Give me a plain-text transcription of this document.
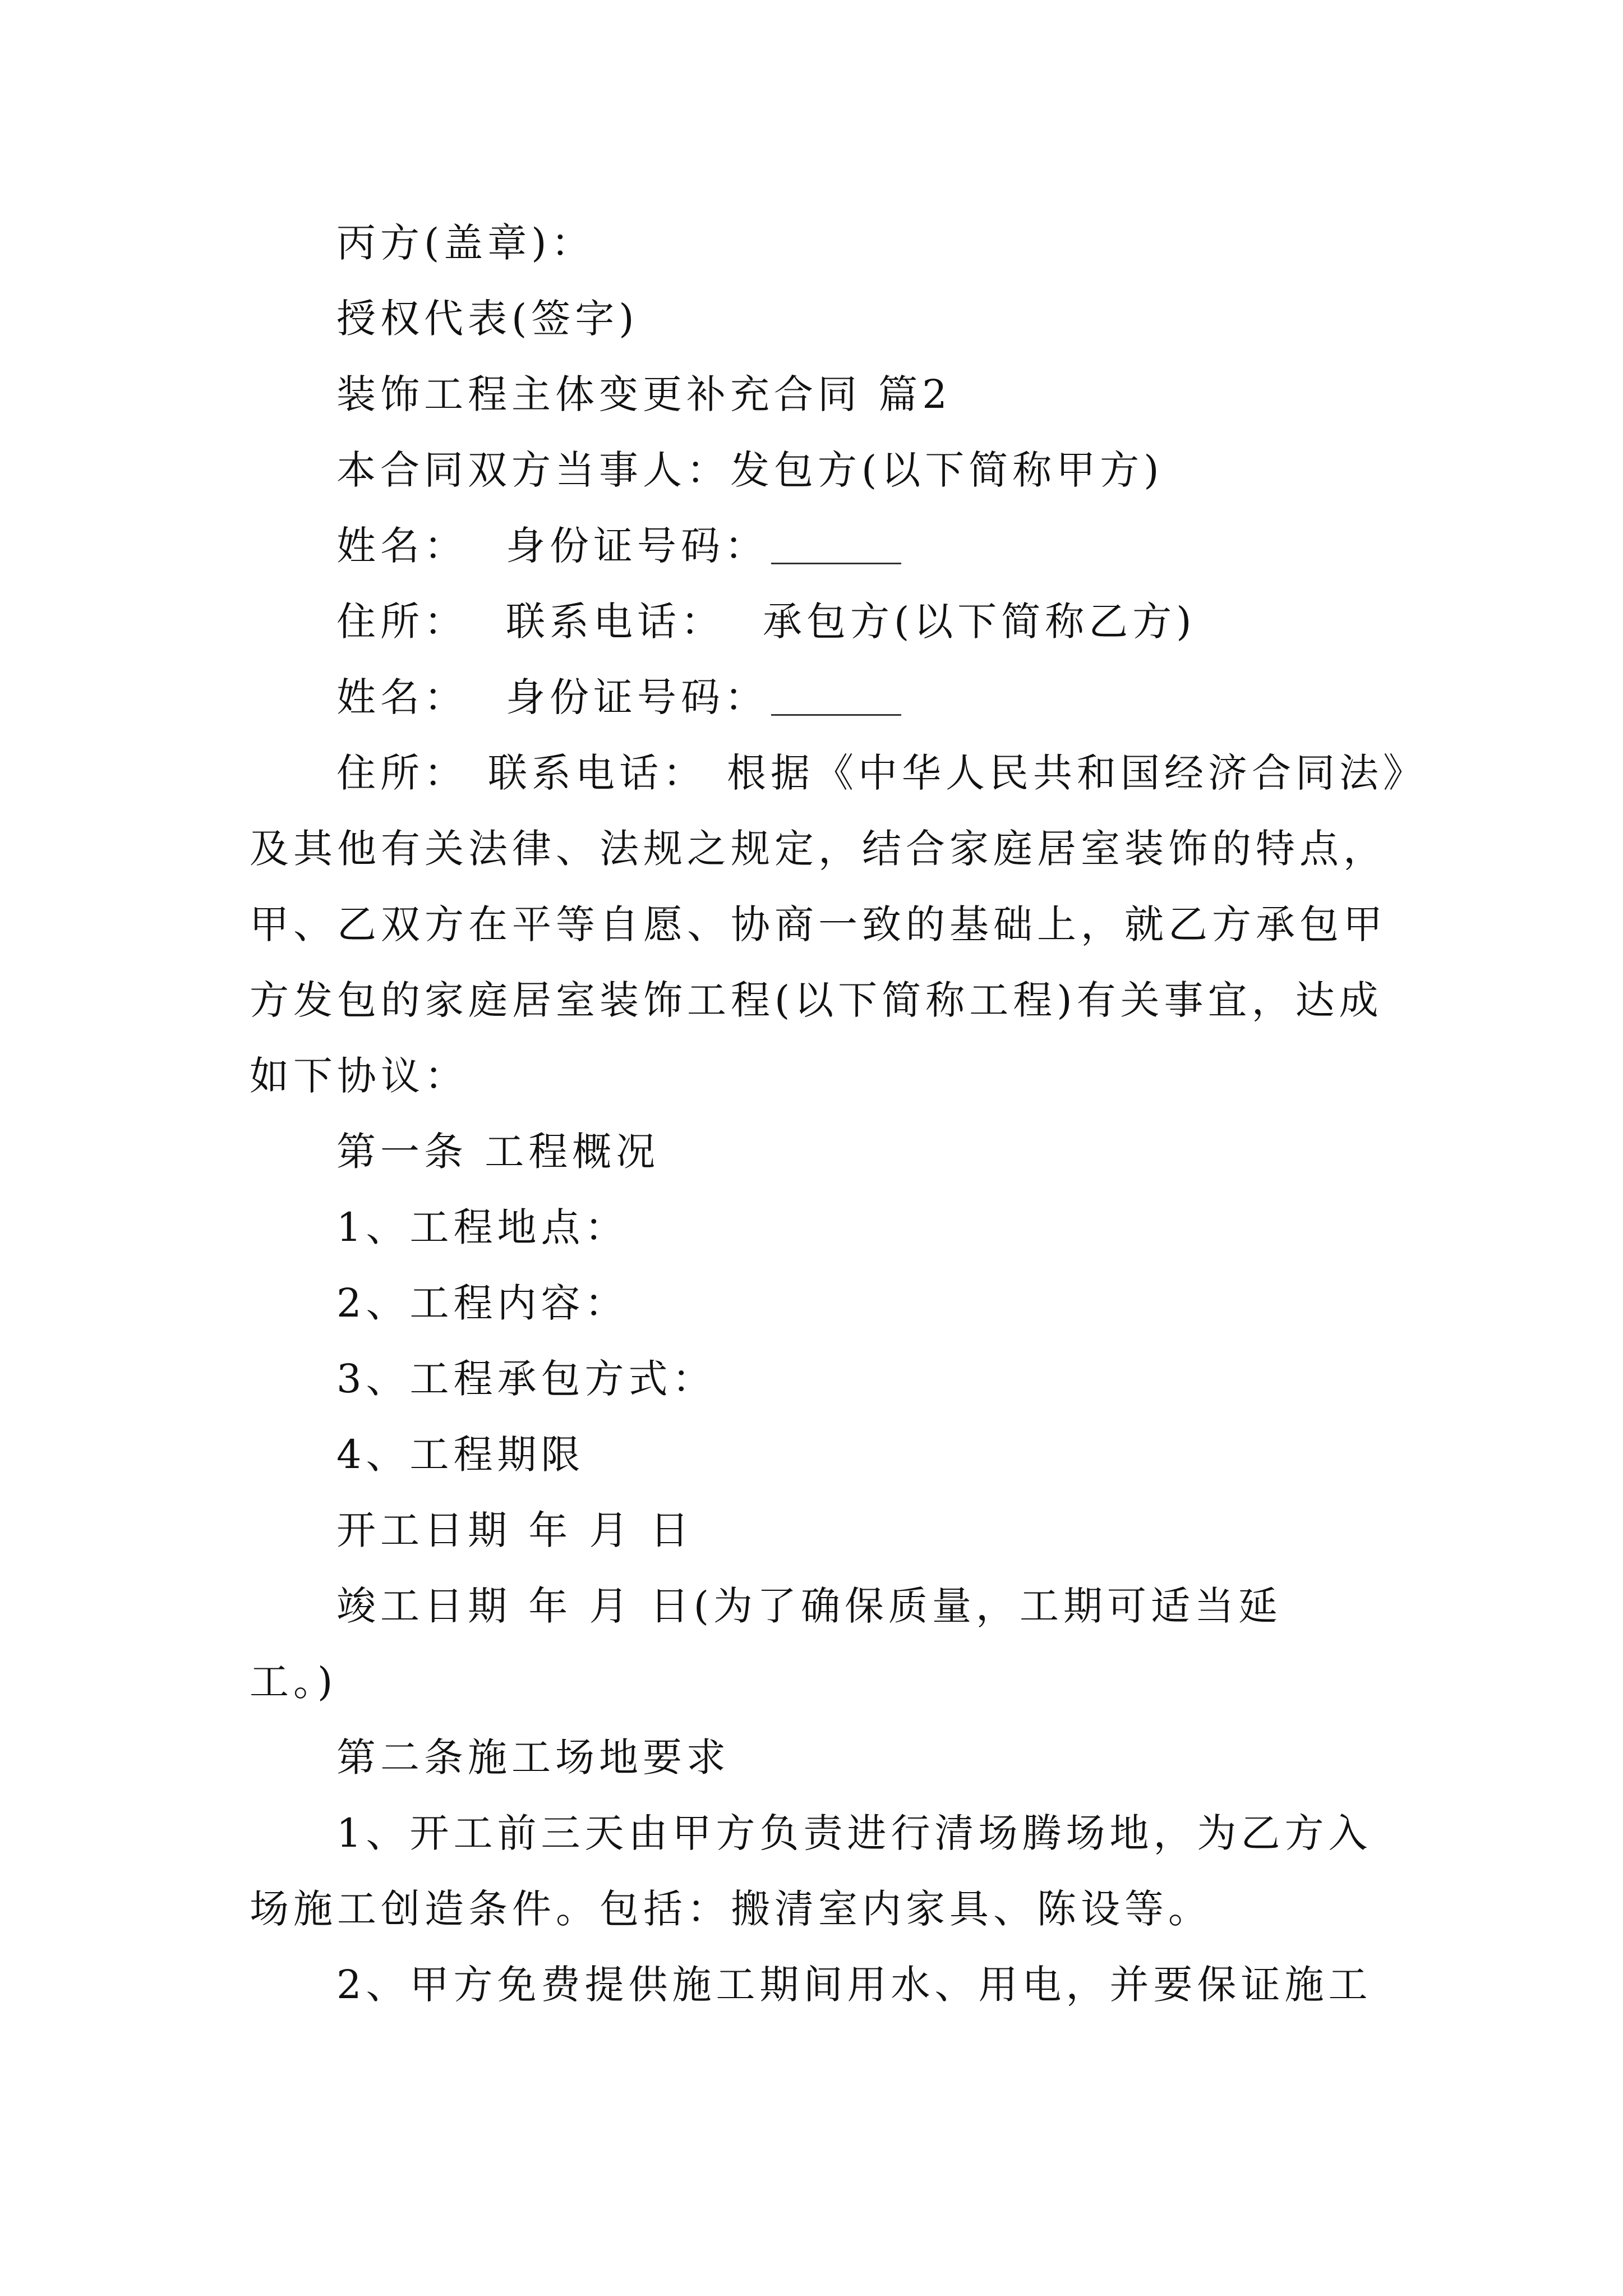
丙方(盖章)：
授权代表(签字)
装饰工程主体变更补充合同 篇2
本合同双方当事人：发包方(以下简称甲方)
姓名： 身份证号码：
住所： 联系电话： 承包方(以下简称乙方)
姓名： 身份证号码：
住所： 联系电话： 根据《中华人民共和国经济合同法》
及其他有关法律、法规之规定，结合家庭居室装饰的特点，
甲、乙双方在平等自愿、协商一致的基础上，就乙方承包甲
方发包的家庭居室装饰工程(以下简称工程)有关事宜，达成
如下协议：
第一条 工程概况
1、工程地点：
2、工程内容：
3、工程承包方式：
4、工程期限
开工日期 年 月 日
竣工日期 年 月 日(为了确保质量，工期可适当延
工。)
第二条施工场地要求
1、开工前三天由甲方负责进行清场腾场地，为乙方入
场施工创造条件。包括：搬清室内家具、陈设等。
2、甲方免费提供施工期间用水、用电，并要保证施工
